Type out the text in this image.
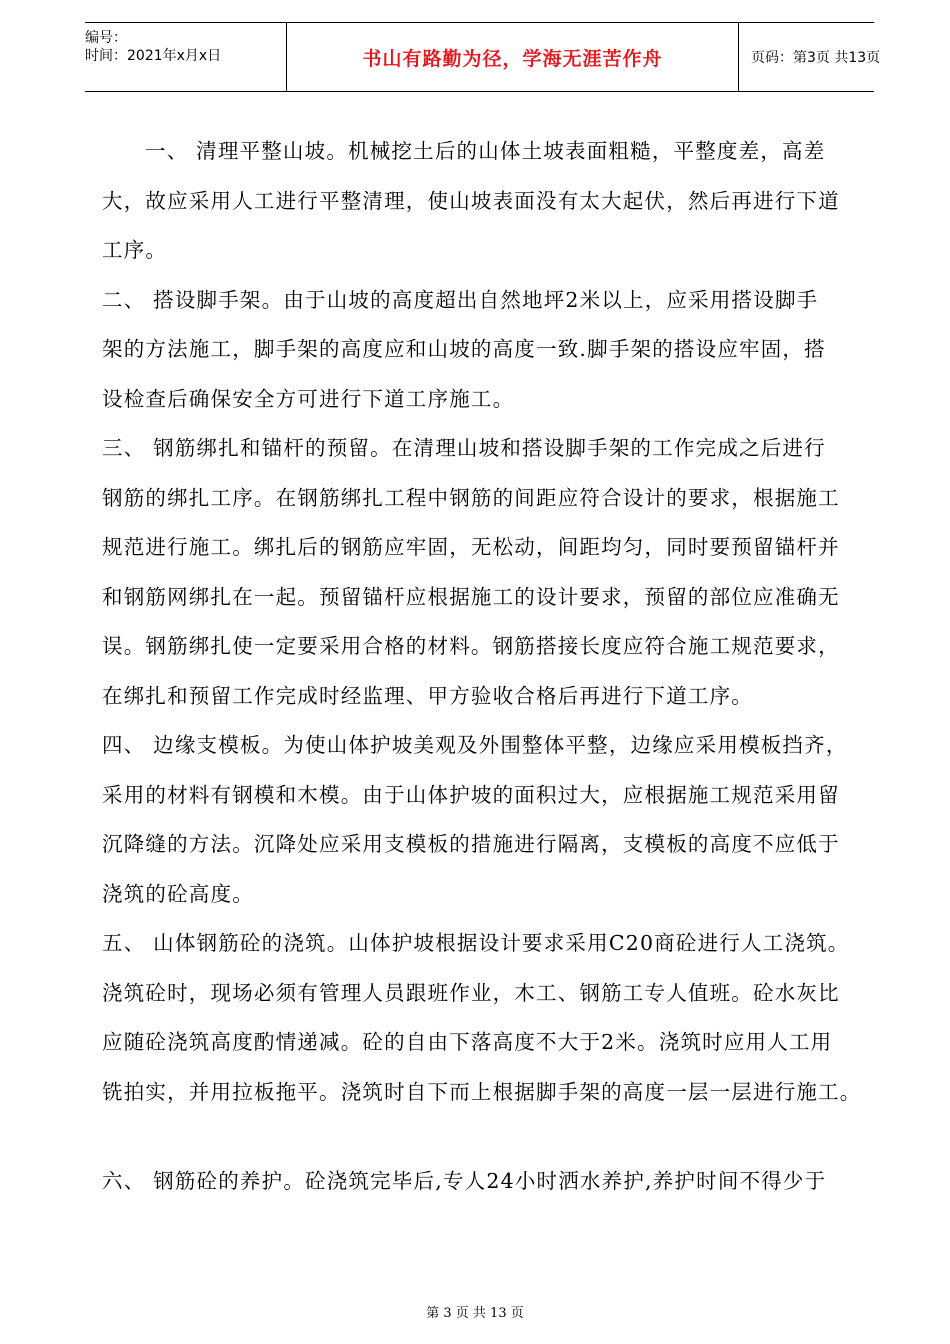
编号：
时间：2021年x月x日	书山有路勤为径，学海无涯苦作舟	页码：第3页 共13页
一、 清理平整山坡。机械挖土后的山体土坡表面粗糙，平整度差，高差
大，故应采用人工进行平整清理，使山坡表面没有太大起伏，然后再进行下道
工序。
二、 搭设脚手架。由于山坡的高度超出自然地坪2米以上，应采用搭设脚手
架的方法施工，脚手架的高度应和山坡的高度一致.脚手架的搭设应牢固，搭
设检查后确保安全方可进行下道工序施工。
三、 钢筋绑扎和锚杆的预留。在清理山坡和搭设脚手架的工作完成之后进行
钢筋的绑扎工序。在钢筋绑扎工程中钢筋的间距应符合设计的要求，根据施工
规范进行施工。绑扎后的钢筋应牢固，无松动，间距均匀，同时要预留锚杆并
和钢筋网绑扎在一起。预留锚杆应根据施工的设计要求，预留的部位应准确无
误。钢筋绑扎使一定要采用合格的材料。钢筋搭接长度应符合施工规范要求，
在绑扎和预留工作完成时经监理、甲方验收合格后再进行下道工序。
四、 边缘支模板。为使山体护坡美观及外围整体平整，边缘应采用模板挡齐，
采用的材料有钢模和木模。由于山体护坡的面积过大，应根据施工规范采用留
沉降缝的方法。沉降处应采用支模板的措施进行隔离，支模板的高度不应低于
浇筑的砼高度。
五、 山体钢筋砼的浇筑。山体护坡根据设计要求采用C20商砼进行人工浇筑。
浇筑砼时，现场必须有管理人员跟班作业，木工、钢筋工专人值班。砼水灰比
应随砼浇筑高度酌情递减。砼的自由下落高度不大于2米。浇筑时应用人工用
铣拍实，并用拉板拖平。浇筑时自下而上根据脚手架的高度一层一层进行施工。
六、 钢筋砼的养护。砼浇筑完毕后,专人24小时洒水养护,养护时间不得少于
第 3 页 共 13 页
